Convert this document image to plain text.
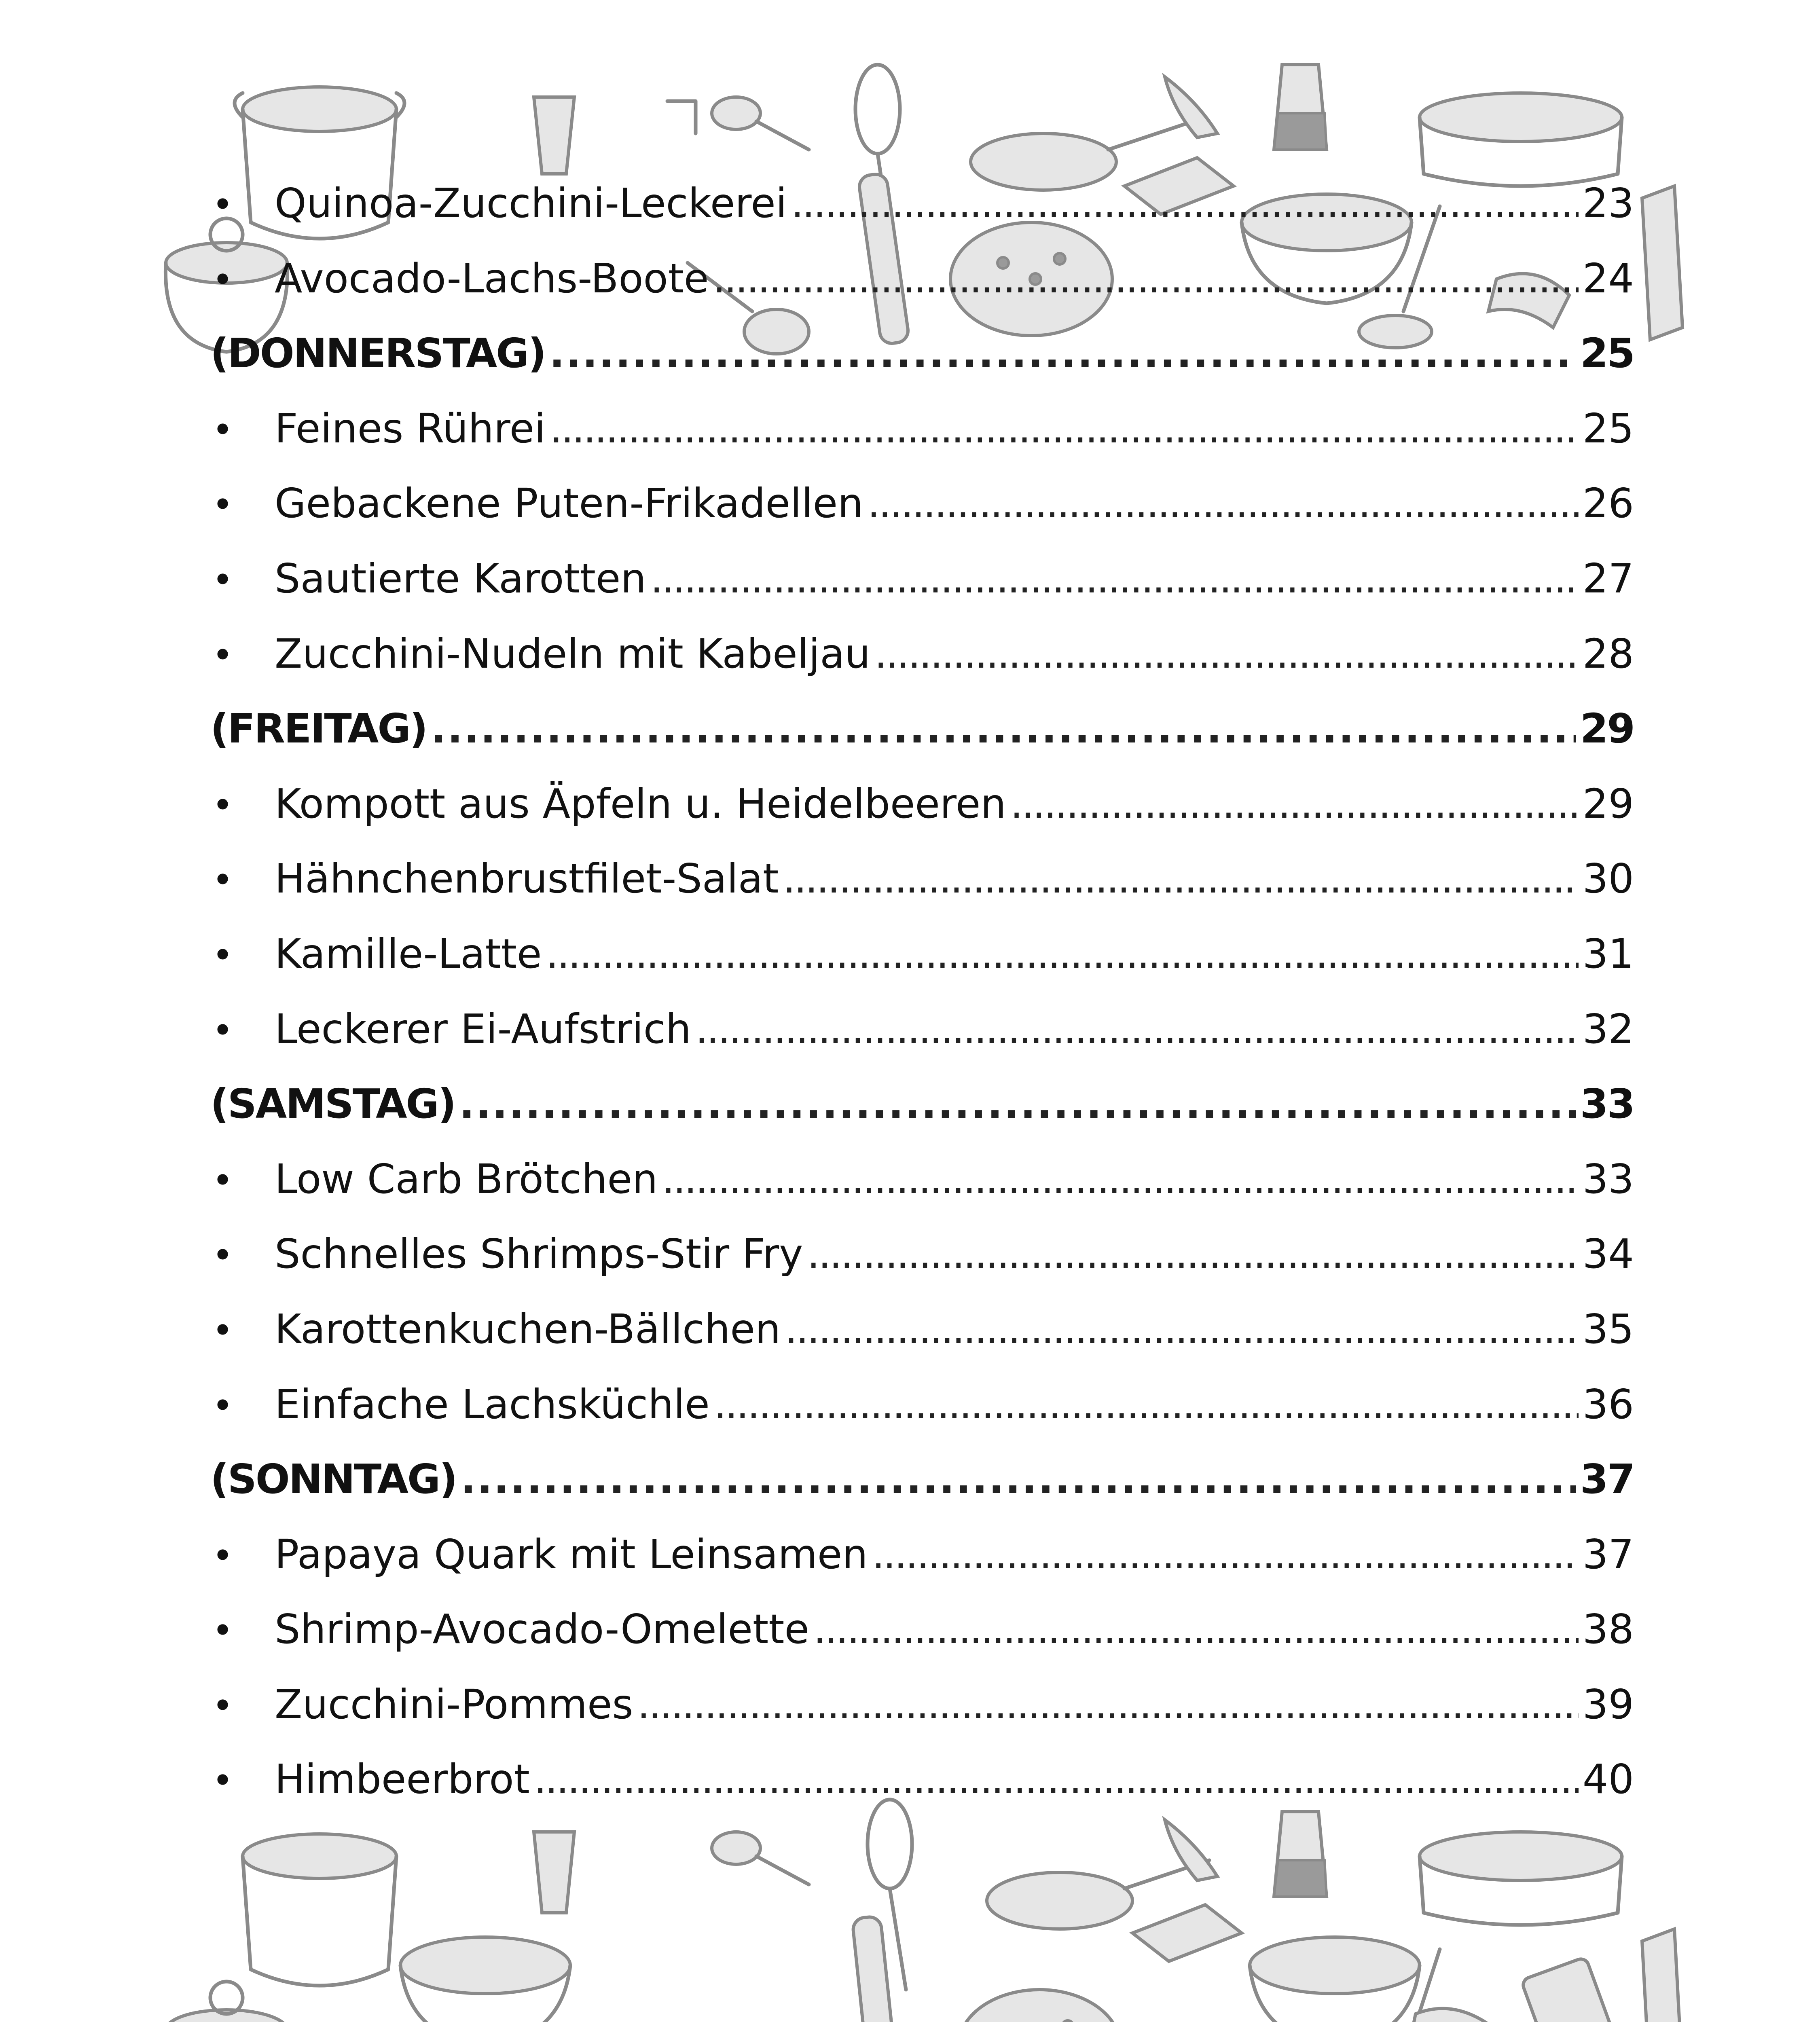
•	Quinoa-Zucchini-Leckerei . . .	23
•	Avocado-Lachs-Boote . . .	24
(DONNERSTAG) . . .	25
•	Feines Rührei . . .	25
•	Gebackene Puten-Frikadellen . . .	26
•	Sautierte Karotten . . .	27
•	Zucchini-Nudeln mit Kabeljau . . .	28
(FREITAG) . . .	29
•	Kompott aus Äpfeln u. Heidelbeeren . . .	29
•	Hähnchenbrustfilet-Salat . . .	30
•	Kamille-Latte . . .	31
•	Leckerer Ei-Aufstrich . . .	32
(SAMSTAG) . . .	33
•	Low Carb Brötchen . . .	33
•	Schnelles Shrimps-Stir Fry . . .	34
•	Karottenkuchen-Bällchen . . .	35
•	Einfache Lachsküchle . . .	36
(SONNTAG) . . .	37
•	Papaya Quark mit Leinsamen . . .	37
•	Shrimp-Avocado-Omelette . . .	38
•	Zucchini-Pommes . . .	39
•	Himbeerbrot . . .	40
